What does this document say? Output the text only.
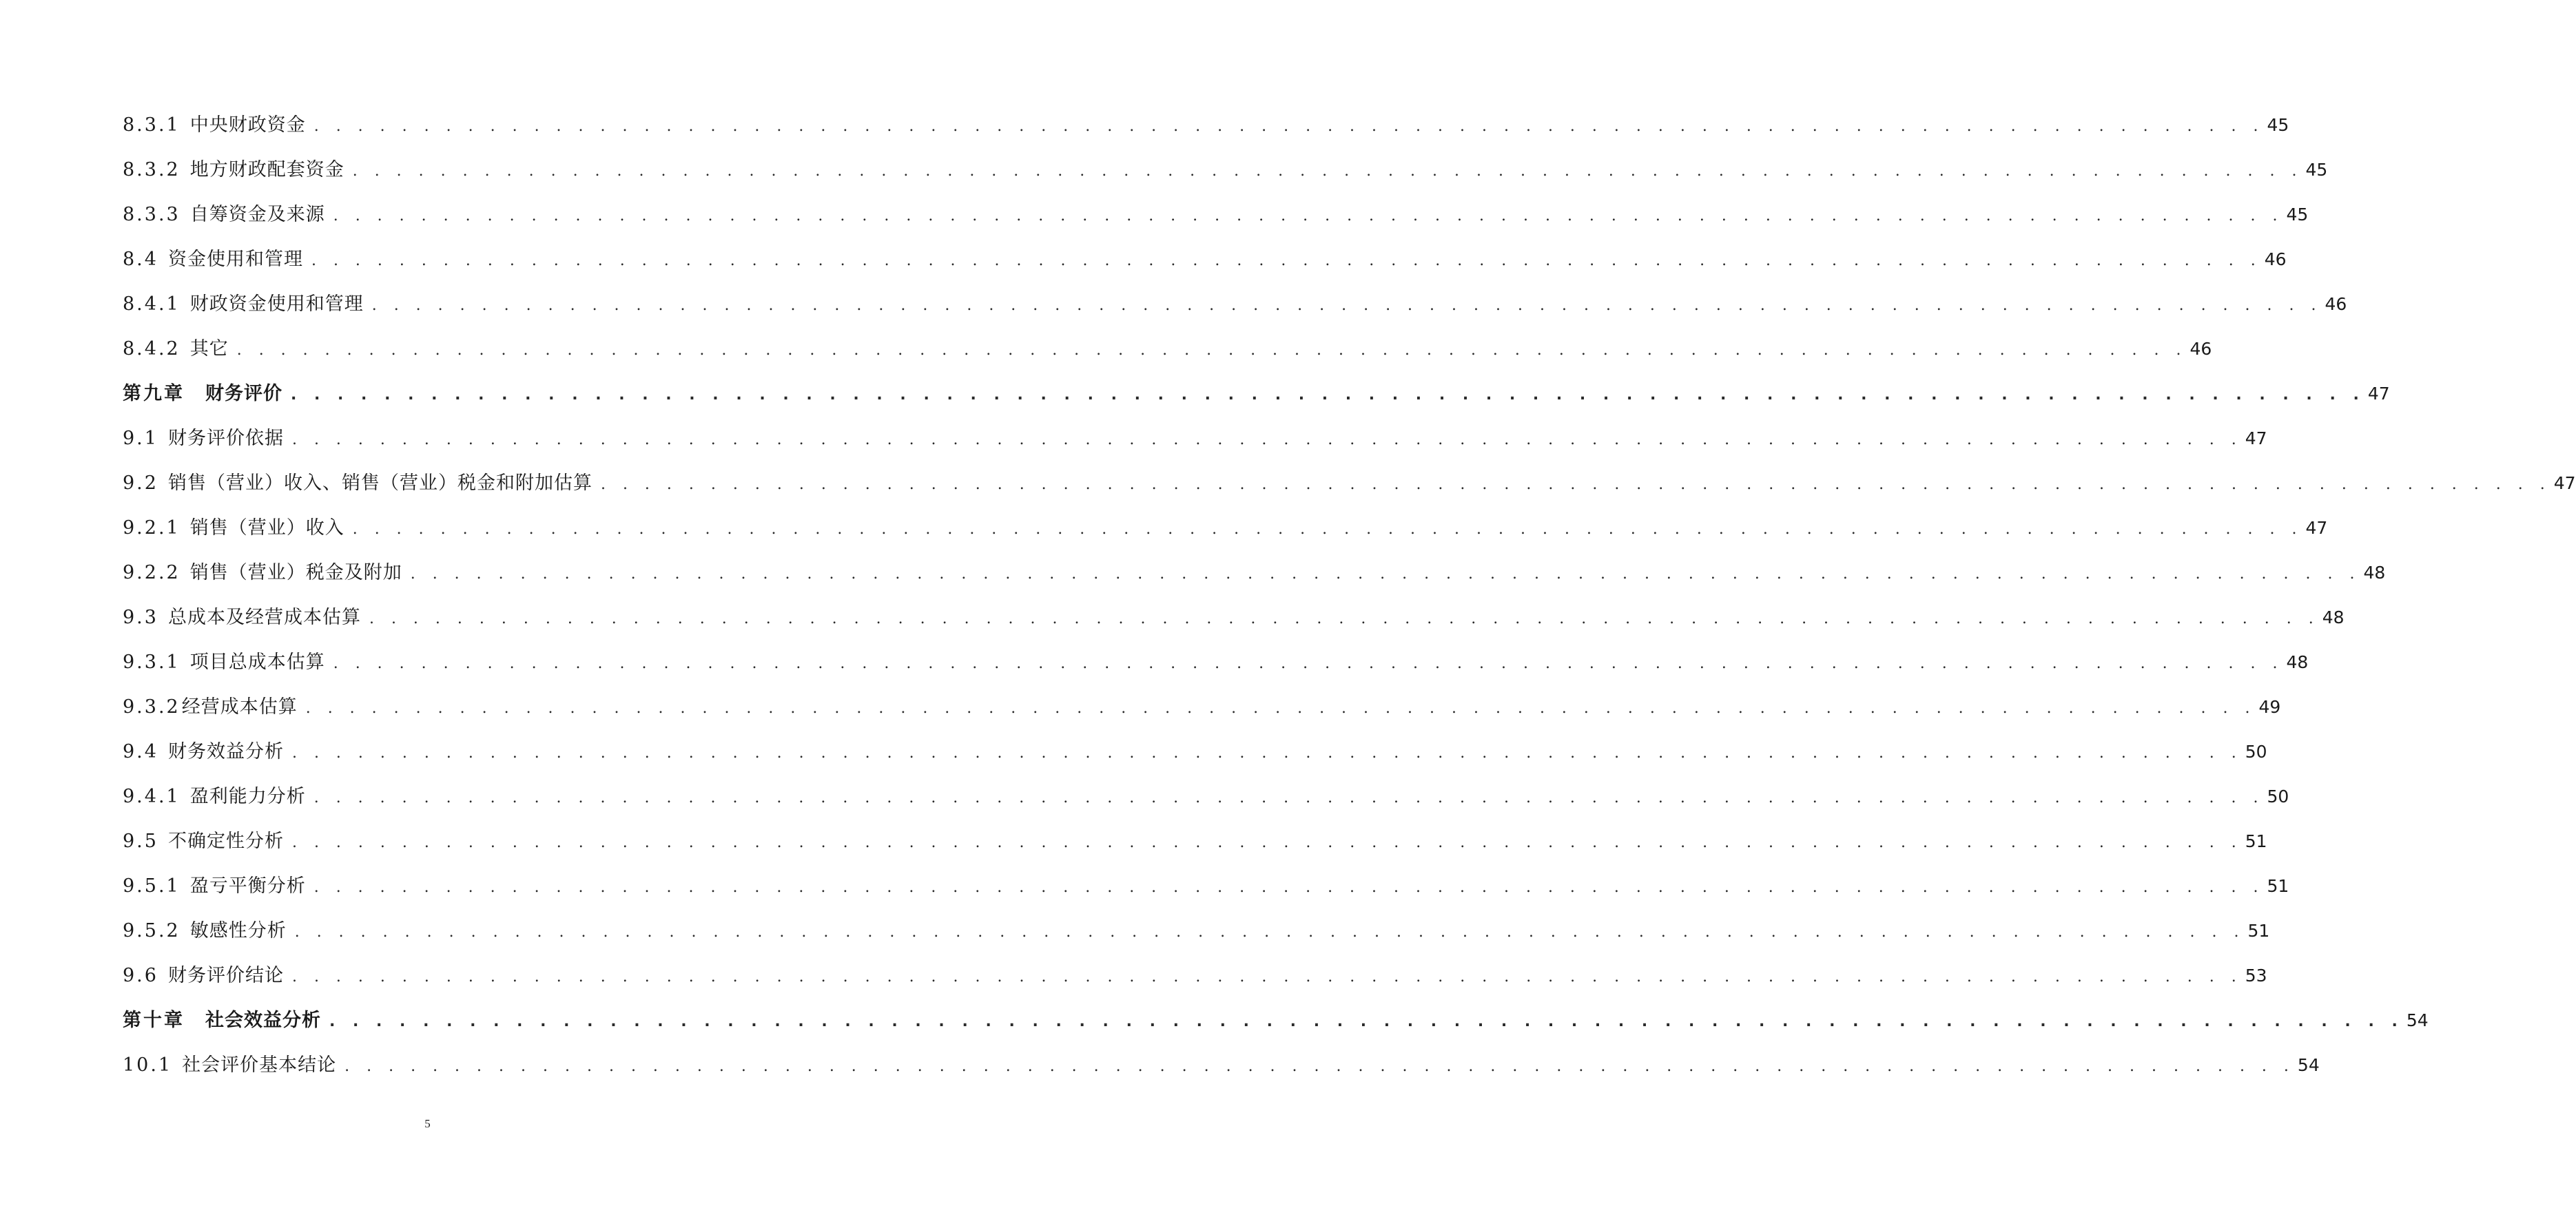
8.3.1 中央财政资金 . . . . . . . . . . . . . . . . . . . . . . . . . . . . . . . . . . . . . . . . . . . . . . . . . . . . . . . . . . . . . . . . . . . . . . . . . . . . . . . . . . . . . . . . . 45
8.3.2 地方财政配套资金 . . . . . . . . . . . . . . . . . . . . . . . . . . . . . . . . . . . . . . . . . . . . . . . . . . . . . . . . . . . . . . . . . . . . . . . . . . . . . . . . . . . . . . . . . 45
8.3.3 自筹资金及来源 . . . . . . . . . . . . . . . . . . . . . . . . . . . . . . . . . . . . . . . . . . . . . . . . . . . . . . . . . . . . . . . . . . . . . . . . . . . . . . . . . . . . . . . . . 45
8.4 资金使用和管理 . . . . . . . . . . . . . . . . . . . . . . . . . . . . . . . . . . . . . . . . . . . . . . . . . . . . . . . . . . . . . . . . . . . . . . . . . . . . . . . . . . . . . . . . . 46
8.4.1 财政资金使用和管理 . . . . . . . . . . . . . . . . . . . . . . . . . . . . . . . . . . . . . . . . . . . . . . . . . . . . . . . . . . . . . . . . . . . . . . . . . . . . . . . . . . . . . . . . . 46
8.4.2 其它 . . . . . . . . . . . . . . . . . . . . . . . . . . . . . . . . . . . . . . . . . . . . . . . . . . . . . . . . . . . . . . . . . . . . . . . . . . . . . . . . . . . . . . . . . 46
第九章 财务评价 . . . . . . . . . . . . . . . . . . . . . . . . . . . . . . . . . . . . . . . . . . . . . . . . . . . . . . . . . . . . . . . . . . . . . . . . . . . . . . . . . . . . . . . . . 47
9.1 财务评价依据 . . . . . . . . . . . . . . . . . . . . . . . . . . . . . . . . . . . . . . . . . . . . . . . . . . . . . . . . . . . . . . . . . . . . . . . . . . . . . . . . . . . . . . . . . 47
9.2 销售（营业）收入、销售（营业）税金和附加估算 . . . . . . . . . . . . . . . . . . . . . . . . . . . . . . . . . . . . . . . . . . . . . . . . . . . . . . . . . . . . . . . . . . . . . . . . . . . . . . . . . . . . . . . . . 47
9.2.1 销售（营业）收入 . . . . . . . . . . . . . . . . . . . . . . . . . . . . . . . . . . . . . . . . . . . . . . . . . . . . . . . . . . . . . . . . . . . . . . . . . . . . . . . . . . . . . . . . . 47
9.2.2 销售（营业）税金及附加 . . . . . . . . . . . . . . . . . . . . . . . . . . . . . . . . . . . . . . . . . . . . . . . . . . . . . . . . . . . . . . . . . . . . . . . . . . . . . . . . . . . . . . . . . 48
9.3 总成本及经营成本估算 . . . . . . . . . . . . . . . . . . . . . . . . . . . . . . . . . . . . . . . . . . . . . . . . . . . . . . . . . . . . . . . . . . . . . . . . . . . . . . . . . . . . . . . . . 48
9.3.1 项目总成本估算 . . . . . . . . . . . . . . . . . . . . . . . . . . . . . . . . . . . . . . . . . . . . . . . . . . . . . . . . . . . . . . . . . . . . . . . . . . . . . . . . . . . . . . . . . 48
9.3.2 经营成本估算 . . . . . . . . . . . . . . . . . . . . . . . . . . . . . . . . . . . . . . . . . . . . . . . . . . . . . . . . . . . . . . . . . . . . . . . . . . . . . . . . . . . . . . . . . 49
9.4 财务效益分析 . . . . . . . . . . . . . . . . . . . . . . . . . . . . . . . . . . . . . . . . . . . . . . . . . . . . . . . . . . . . . . . . . . . . . . . . . . . . . . . . . . . . . . . . . 50
9.4.1 盈利能力分析 . . . . . . . . . . . . . . . . . . . . . . . . . . . . . . . . . . . . . . . . . . . . . . . . . . . . . . . . . . . . . . . . . . . . . . . . . . . . . . . . . . . . . . . . . 50
9.5 不确定性分析 . . . . . . . . . . . . . . . . . . . . . . . . . . . . . . . . . . . . . . . . . . . . . . . . . . . . . . . . . . . . . . . . . . . . . . . . . . . . . . . . . . . . . . . . . 51
9.5.1 盈亏平衡分析 . . . . . . . . . . . . . . . . . . . . . . . . . . . . . . . . . . . . . . . . . . . . . . . . . . . . . . . . . . . . . . . . . . . . . . . . . . . . . . . . . . . . . . . . . 51
9.5.2 敏感性分析 . . . . . . . . . . . . . . . . . . . . . . . . . . . . . . . . . . . . . . . . . . . . . . . . . . . . . . . . . . . . . . . . . . . . . . . . . . . . . . . . . . . . . . . . . 51
9.6 财务评价结论 . . . . . . . . . . . . . . . . . . . . . . . . . . . . . . . . . . . . . . . . . . . . . . . . . . . . . . . . . . . . . . . . . . . . . . . . . . . . . . . . . . . . . . . . . 53
第十章 社会效益分析 . . . . . . . . . . . . . . . . . . . . . . . . . . . . . . . . . . . . . . . . . . . . . . . . . . . . . . . . . . . . . . . . . . . . . . . . . . . . . . . . . . . . . . . . . 54
10.1 社会评价基本结论 . . . . . . . . . . . . . . . . . . . . . . . . . . . . . . . . . . . . . . . . . . . . . . . . . . . . . . . . . . . . . . . . . . . . . . . . . . . . . . . . . . . . . . . . . 54
5
